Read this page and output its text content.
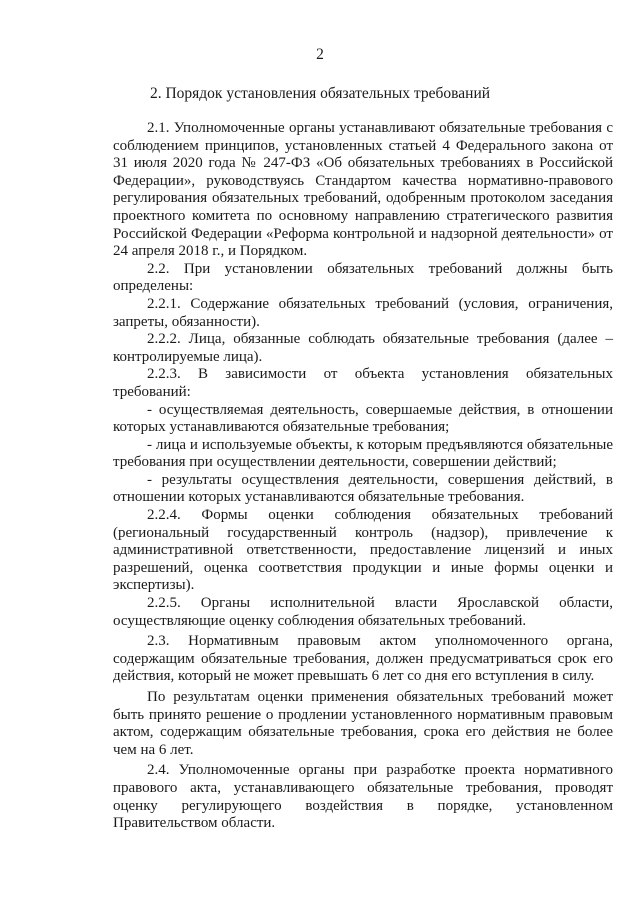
2
2. Порядок установления обязательных требований

2.1. Уполномоченные органы устанавливают обязательные требования с соблюдением принципов, установленных статьей 4 Федерального закона от 31 июля 2020 года № 247-ФЗ «Об обязательных требованиях в Российской Федерации», руководствуясь Стандартом качества нормативно-правового регулирования обязательных требований, одобренным протоколом заседания проектного комитета по основному направлению стратегического развития Российской Федерации «Реформа контрольной и надзорной деятельности» от 24 апреля 2018 г., и Порядком.

2.2. При установлении обязательных требований должны быть определены:

2.2.1. Содержание обязательных требований (условия, ограничения, запреты, обязанности).

2.2.2. Лица, обязанные соблюдать обязательные требования (далее – контролируемые лица).

2.2.3. В зависимости от объекта установления обязательных требований:

- осуществляемая деятельность, совершаемые действия, в отношении которых устанавливаются обязательные требования;

- лица и используемые объекты, к которым предъявляются обязательные требования при осуществлении деятельности, совершении действий;

- результаты осуществления деятельности, совершения действий, в отношении которых устанавливаются обязательные требования.

2.2.4. Формы оценки соблюдения обязательных требований (региональный государственный контроль (надзор), привлечение к административной ответственности, предоставление лицензий и иных разрешений, оценка соответствия продукции и иные формы оценки и экспертизы).

2.2.5. Органы исполнительной власти Ярославской области, осуществляющие оценку соблюдения обязательных требований.

2.3. Нормативным правовым актом уполномоченного органа, содержащим обязательные требования, должен предусматриваться срок его действия, который не может превышать 6 лет со дня его вступления в силу.

По результатам оценки применения обязательных требований может быть принято решение о продлении установленного нормативным правовым актом, содержащим обязательные требования, срока его действия не более чем на 6 лет.

2.4. Уполномоченные органы при разработке проекта нормативного правового акта, устанавливающего обязательные требования, проводят оценку регулирующего воздействия в порядке, установленном Правительством области.
